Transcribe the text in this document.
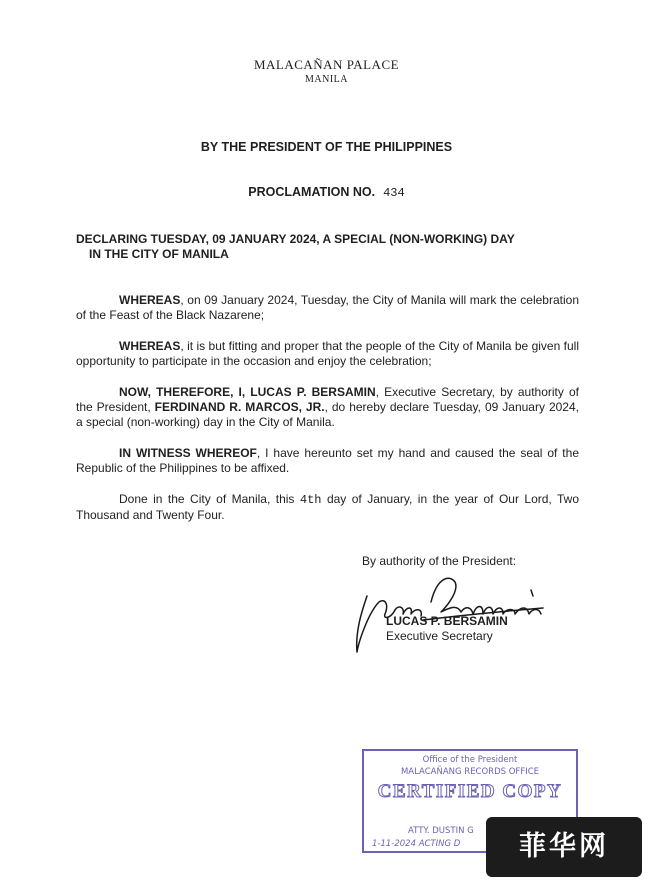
MALACAÑAN PALACE
MANILA
BY THE PRESIDENT OF THE PHILIPPINES
PROCLAMATION NO. 434
DECLARING TUESDAY, 09 JANUARY 2024, A SPECIAL (NON-WORKING) DAY
IN THE CITY OF MANILA
WHEREAS, on 09 January 2024, Tuesday, the City of Manila will mark the celebration of the Feast of the Black Nazarene;
WHEREAS, it is but fitting and proper that the people of the City of Manila be given full opportunity to participate in the occasion and enjoy the celebration;
NOW, THEREFORE, I, LUCAS P. BERSAMIN, Executive Secretary, by authority of the President, FERDINAND R. MARCOS, JR., do hereby declare Tuesday, 09 January 2024, a special (non-working) day in the City of Manila.
IN WITNESS WHEREOF, I have hereunto set my hand and caused the seal of the Republic of the Philippines to be affixed.
Done in the City of Manila, this 4th day of January, in the year of Our Lord, Two Thousand and Twenty Four.
By authority of the President:
LUCAS P. BERSAMIN
Executive Secretary
Office of the President
MALACAÑANG RECORDS OFFICE
CERTIFIED COPY
ATTY. DUSTIN G
1-11-2024 ACTING D	菲华网
